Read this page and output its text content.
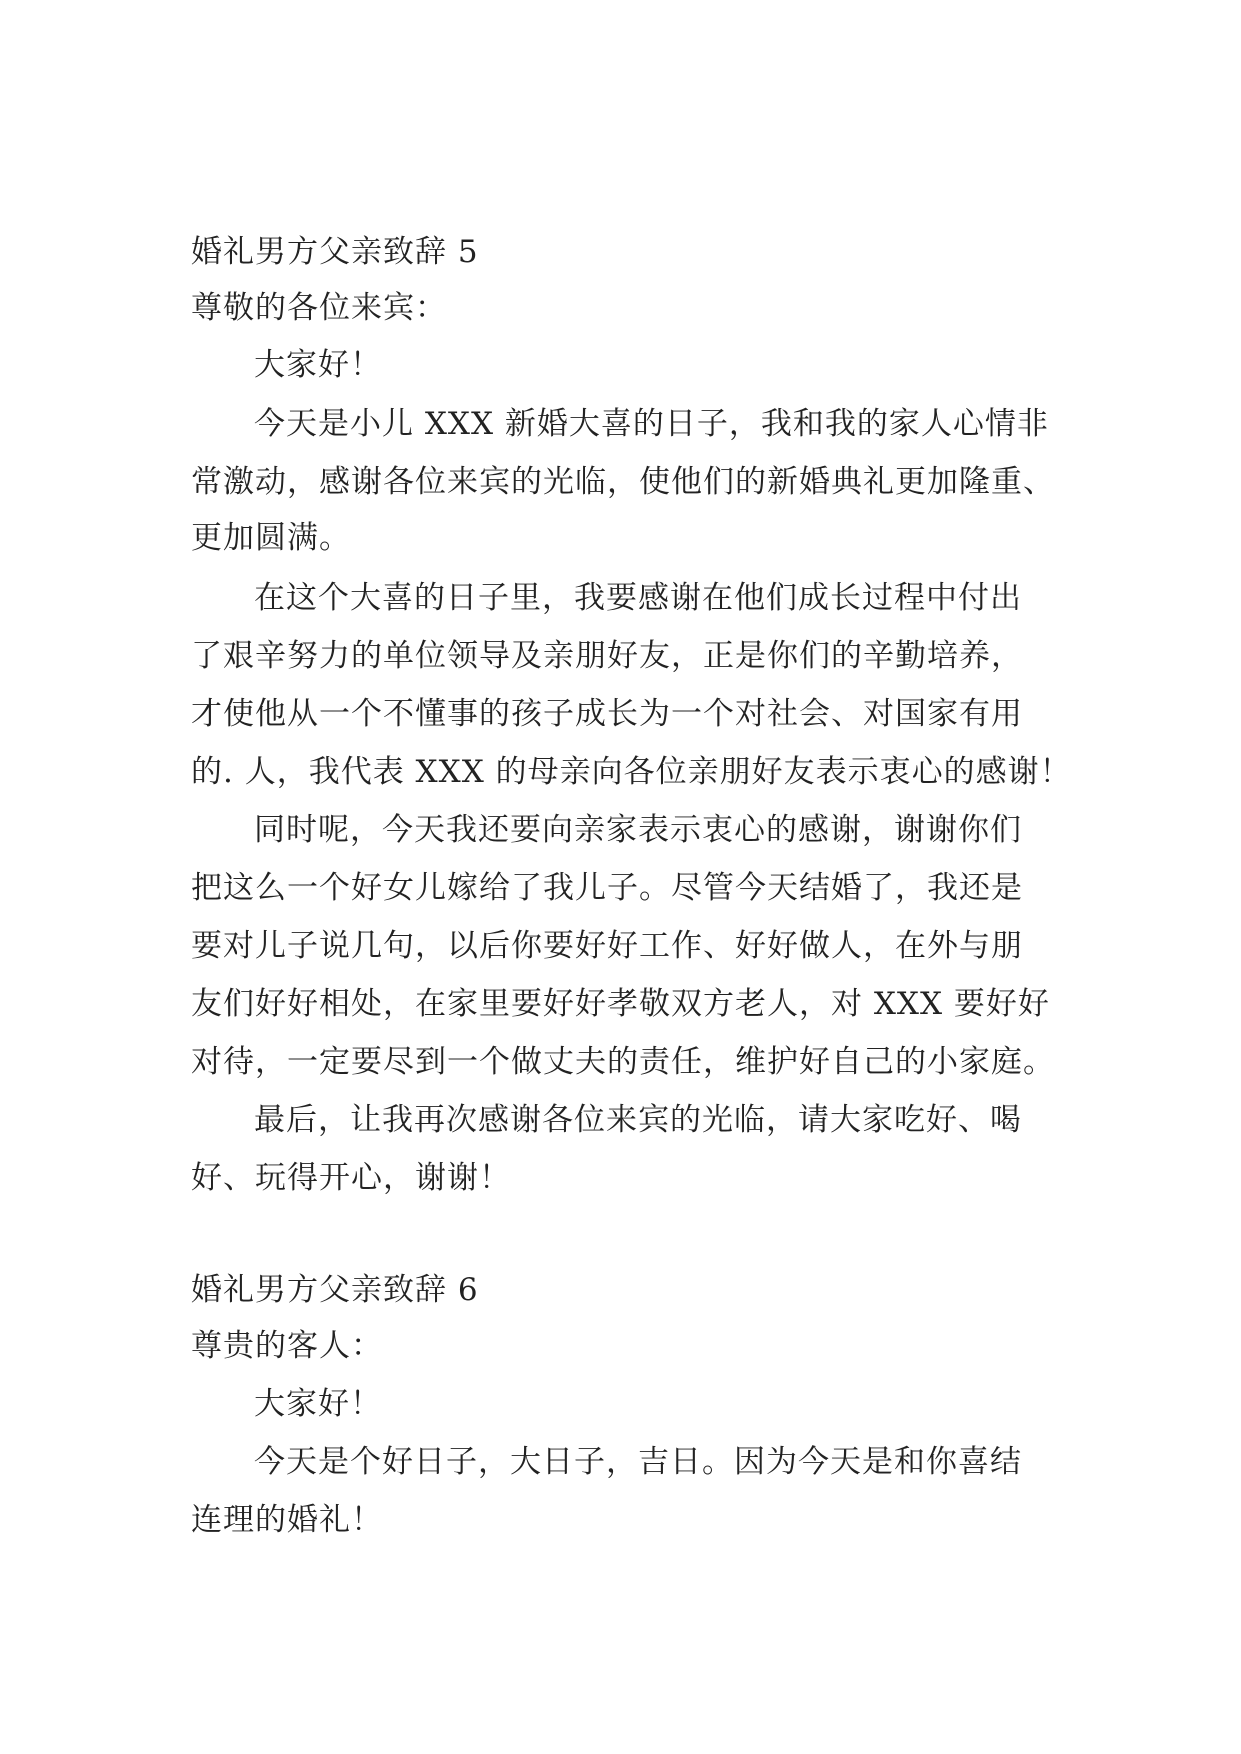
婚礼男方父亲致辞 5
尊敬的各位来宾：
大家好！
今天是小儿 XXX 新婚大喜的日子，我和我的家人心情非
常激动，感谢各位来宾的光临，使他们的新婚典礼更加隆重、
更加圆满。
在这个大喜的日子里，我要感谢在他们成长过程中付出
了艰辛努力的单位领导及亲朋好友，正是你们的辛勤培养，
才使他从一个不懂事的孩子成长为一个对社会、对国家有用
的. 人，我代表 XXX 的母亲向各位亲朋好友表示衷心的感谢！
同时呢，今天我还要向亲家表示衷心的感谢，谢谢你们
把这么一个好女儿嫁给了我儿子。尽管今天结婚了，我还是
要对儿子说几句，以后你要好好工作、好好做人，在外与朋
友们好好相处，在家里要好好孝敬双方老人，对 XXX 要好好
对待，一定要尽到一个做丈夫的责任，维护好自己的小家庭。
最后，让我再次感谢各位来宾的光临，请大家吃好、喝
好、玩得开心，谢谢！
婚礼男方父亲致辞 6
尊贵的客人：
大家好！
今天是个好日子，大日子，吉日。因为今天是和你喜结
连理的婚礼！
